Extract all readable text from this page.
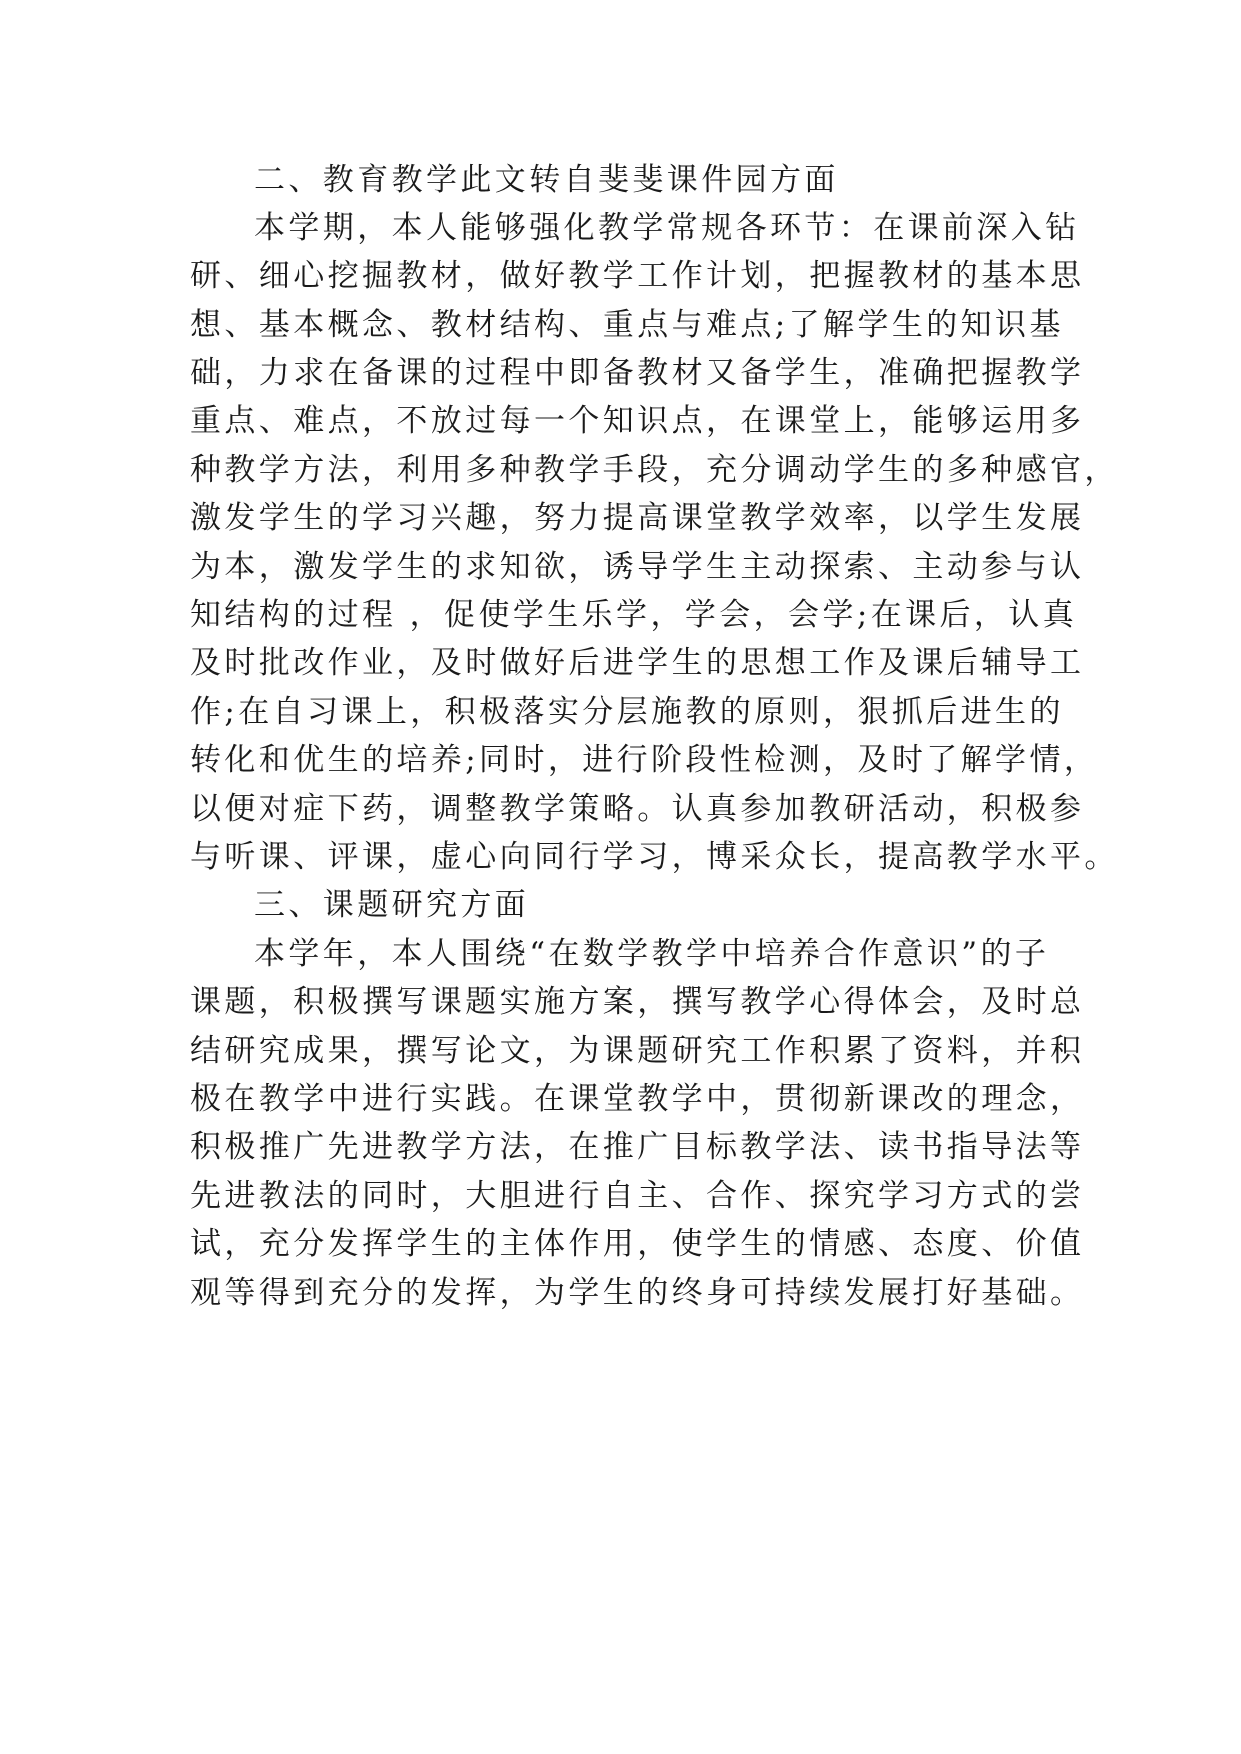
二、教育教学此文转自斐斐课件园方面
本学期，本人能够强化教学常规各环节：在课前深入钻
研、细心挖掘教材，做好教学工作计划，把握教材的基本思
想、基本概念、教材结构、重点与难点;了解学生的知识基
础，力求在备课的过程中即备教材又备学生，准确把握教学
重点、难点，不放过每一个知识点，在课堂上，能够运用多
种教学方法，利用多种教学手段，充分调动学生的多种感官，
激发学生的学习兴趣，努力提高课堂教学效率，以学生发展
为本，激发学生的求知欲，诱导学生主动探索、主动参与认
知结构的过程 ，促使学生乐学，学会，会学;在课后，认真
及时批改作业，及时做好后进学生的思想工作及课后辅导工
作;在自习课上，积极落实分层施教的原则，狠抓后进生的
转化和优生的培养;同时，进行阶段性检测，及时了解学情，
以便对症下药，调整教学策略。认真参加教研活动，积极参
与听课、评课，虚心向同行学习，博采众长，提高教学水平。
三、课题研究方面
本学年，本人围绕“在数学教学中培养合作意识”的子
课题，积极撰写课题实施方案，撰写教学心得体会，及时总
结研究成果，撰写论文，为课题研究工作积累了资料，并积
极在教学中进行实践。在课堂教学中，贯彻新课改的理念，
积极推广先进教学方法，在推广目标教学法、读书指导法等
先进教法的同时，大胆进行自主、合作、探究学习方式的尝
试，充分发挥学生的主体作用，使学生的情感、态度、价值
观等得到充分的发挥，为学生的终身可持续发展打好基础。
